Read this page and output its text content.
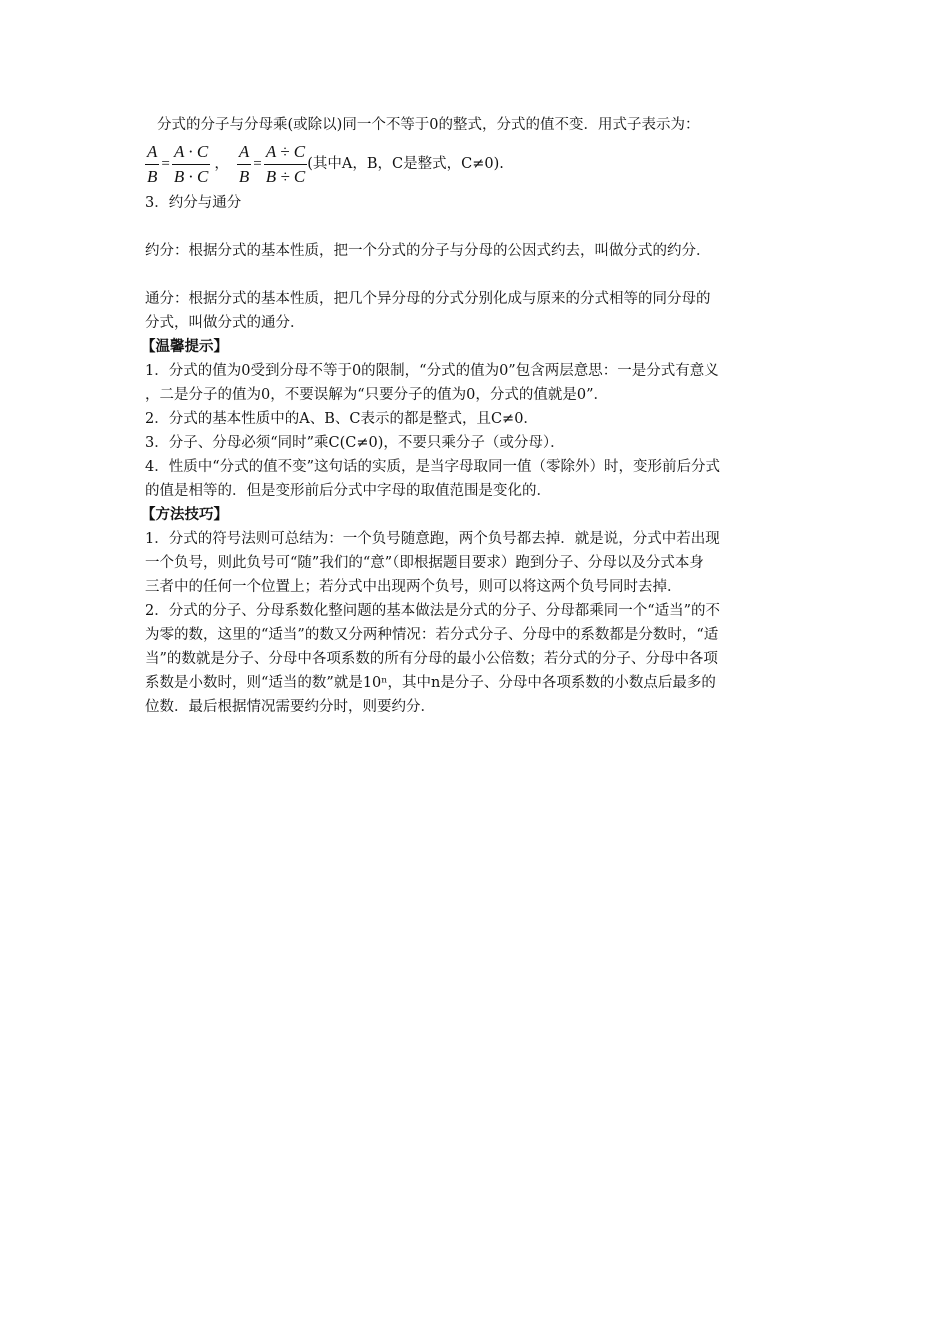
分式的分子与分母乘(或除以)同一个不等于0的整式，分式的值不变．用式子表示为：

$\frac{A}{B} = \frac{A \cdot C}{B \cdot C}$ ， $\frac{A}{B} = \frac{A \div C}{B \div C}$ (其中A，B，C是整式，C≠0).

3．约分与通分

约分：根据分式的基本性质，把一个分式的分子与分母的公因式约去，叫做分式的约分．

通分：根据分式的基本性质，把几个异分母的分式分别化成与原来的分式相等的同分母的

分式，叫做分式的通分．

【温馨提示】

1．分式的值为0受到分母不等于0的限制，“分式的值为0”包含两层意思：一是分式有意义

，二是分子的值为0，不要误解为“只要分子的值为0，分式的值就是0”．

2．分式的基本性质中的A、B、C表示的都是整式，且C≠0．

3．分子、分母必须“同时”乘C(C≠0)，不要只乘分子（或分母）．

4．性质中“分式的值不变”这句话的实质，是当字母取同一值（零除外）时，变形前后分式

的值是相等的．但是变形前后分式中字母的取值范围是变化的．

【方法技巧】

1．分式的符号法则可总结为：一个负号随意跑，两个负号都去掉．就是说，分式中若出现

一个负号，则此负号可“随”我们的“意”（即根据题目要求）跑到分子、分母以及分式本身

三者中的任何一个位置上；若分式中出现两个负号，则可以将这两个负号同时去掉．

2．分式的分子、分母系数化整问题的基本做法是分式的分子、分母都乘同一个“适当”的不

为零的数，这里的“适当”的数又分两种情况：若分式分子、分母中的系数都是分数时，“适

当”的数就是分子、分母中各项系数的所有分母的最小公倍数；若分式的分子、分母中各项

系数是小数时，则“适当的数”就是10ⁿ，其中n是分子、分母中各项系数的小数点后最多的

位数．最后根据情况需要约分时，则要约分．
